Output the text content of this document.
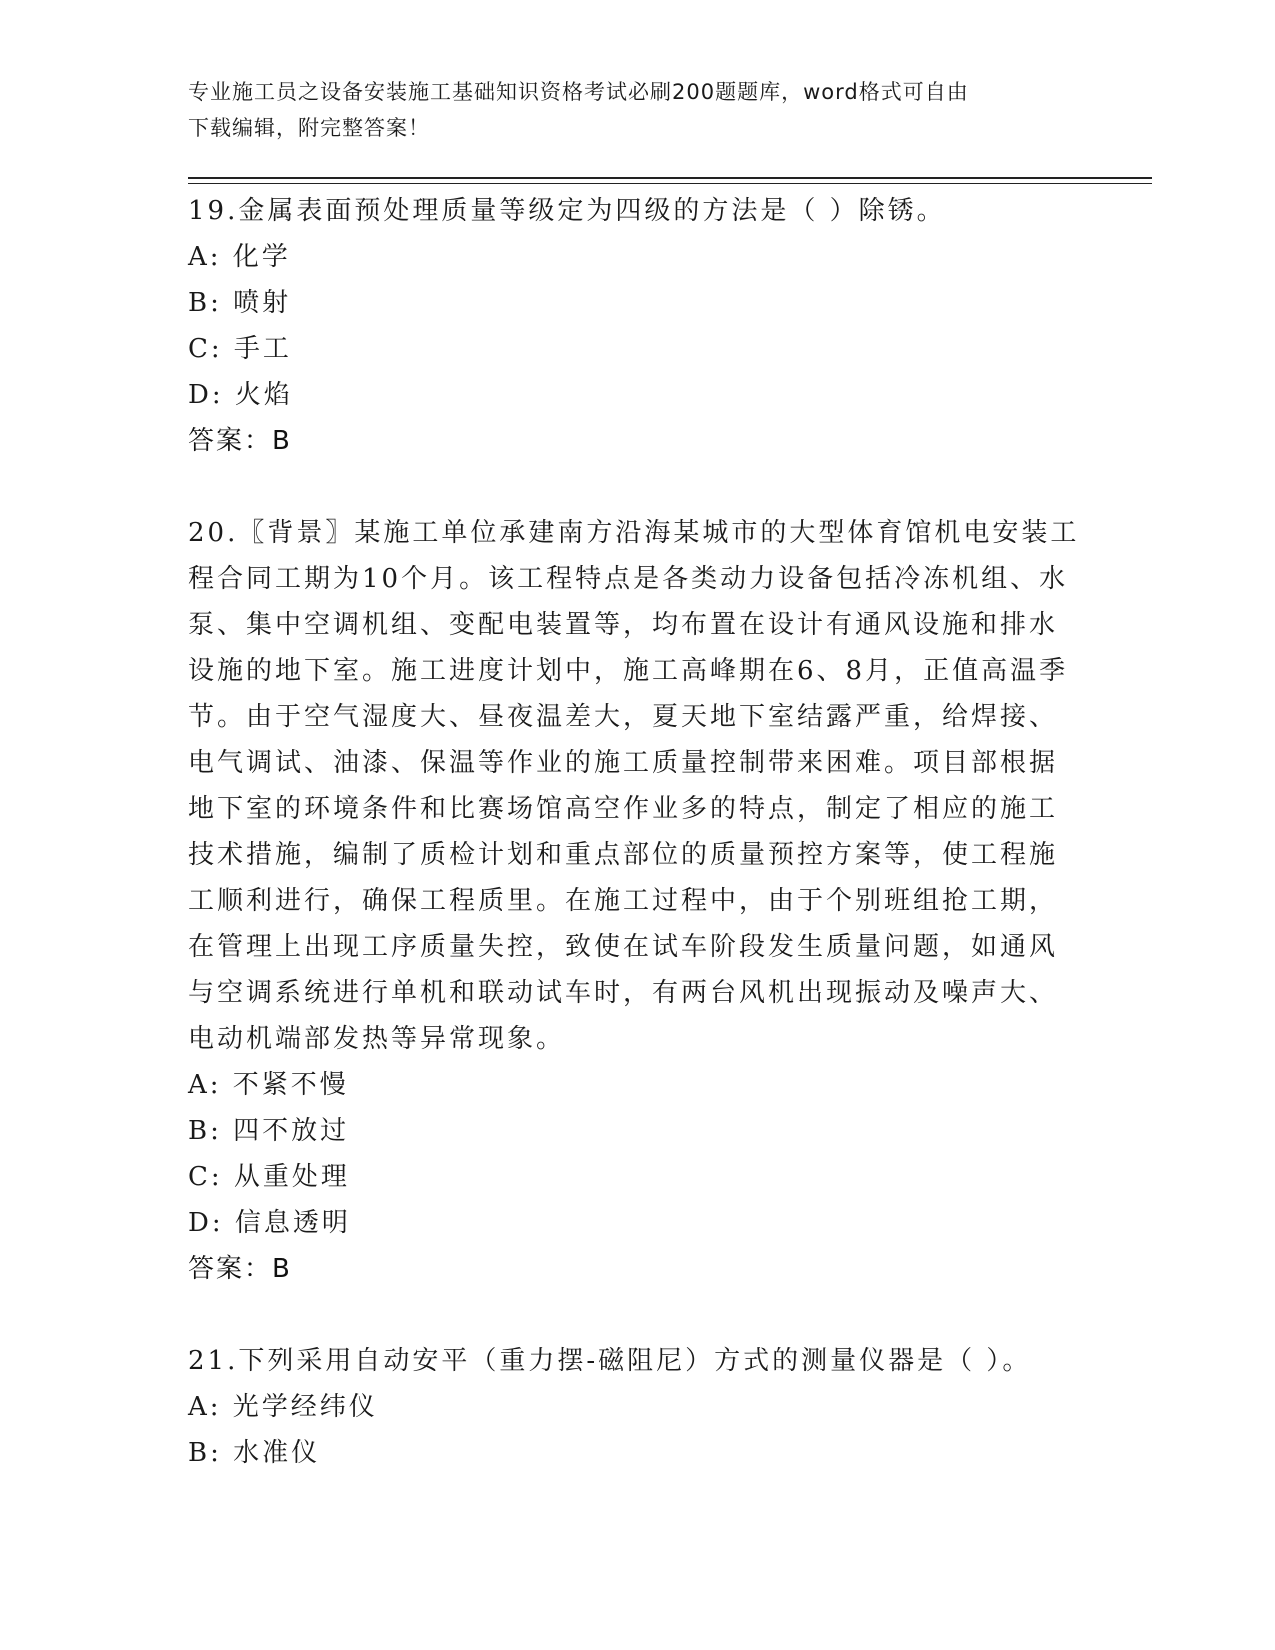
专业施工员之设备安装施工基础知识资格考试必刷200题题库，word格式可自由
下载编辑，附完整答案！
19.金属表面预处理质量等级定为四级的方法是（ ）除锈。
A: 化学
B: 喷射
C: 手工
D: 火焰
答案：B
20.〖背景〗某施工单位承建南方沿海某城市的大型体育馆机电安装工
程合同工期为10个月。该工程特点是各类动力设备包括冷冻机组、水
泵、集中空调机组、变配电装置等，均布置在设计有通风设施和排水
设施的地下室。施工进度计划中，施工高峰期在6、8月，正值高温季
节。由于空气湿度大、昼夜温差大，夏天地下室结露严重，给焊接、
电气调试、油漆、保温等作业的施工质量控制带来困难。项目部根据
地下室的环境条件和比赛场馆高空作业多的特点，制定了相应的施工
技术措施，编制了质检计划和重点部位的质量预控方案等，使工程施
工顺利进行，确保工程质里。在施工过程中，由于个别班组抢工期，
在管理上出现工序质量失控，致使在试车阶段发生质量问题，如通风
与空调系统进行单机和联动试车时，有两台风机出现振动及噪声大、
电动机端部发热等异常现象。
A: 不紧不慢
B: 四不放过
C: 从重处理
D: 信息透明
答案：B
21.下列采用自动安平（重力摆-磁阻尼）方式的测量仪器是（ ）。
A: 光学经纬仪
B: 水准仪
